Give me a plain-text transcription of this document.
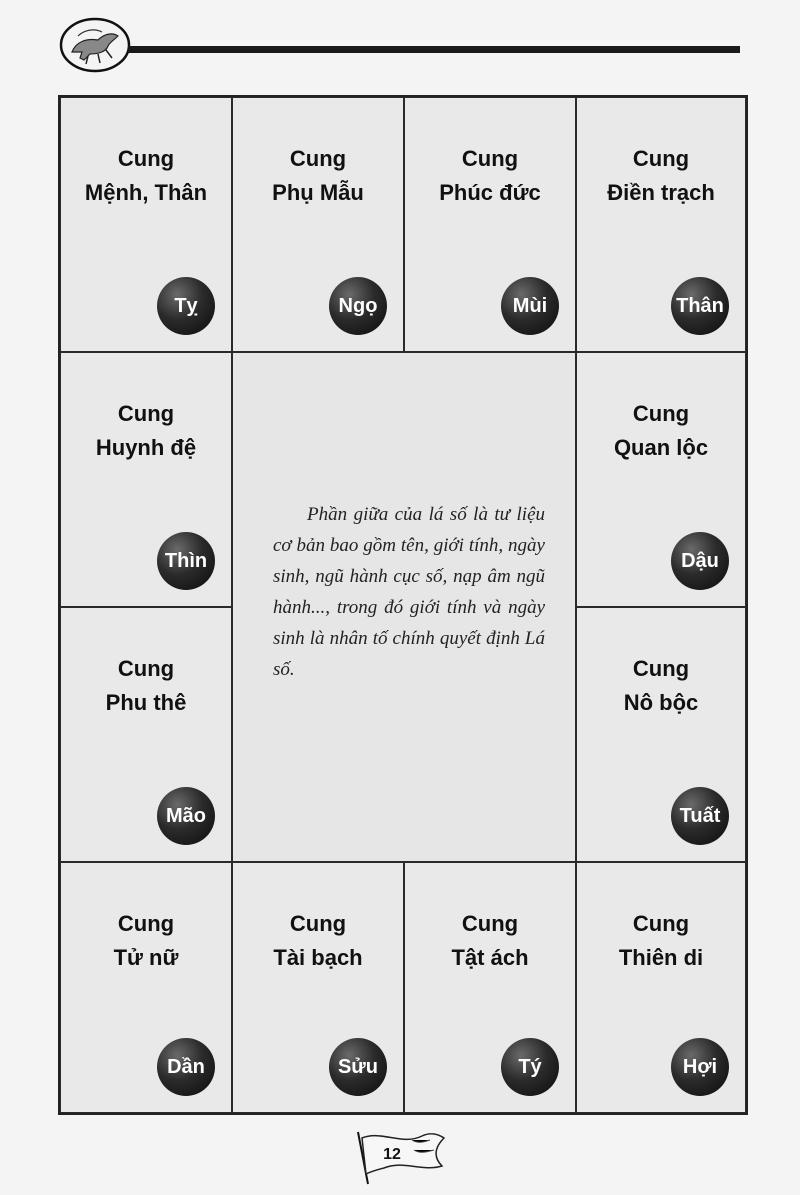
Cung
Mệnh, Thân
Tỵ
Cung
Phụ Mẫu
Ngọ
Cung
Phúc đức
Mùi
Cung
Điền trạch
Thân
Cung
Huynh đệ
Thìn
Cung
Phu thê
Mão
Phần giữa của lá số là tư liệu cơ bản bao gồm tên, giới tính, ngày sinh, ngũ hành cục số, nạp âm ngũ hành..., trong đó giới tính và ngày sinh là nhân tố chính quyết định Lá số.
Cung
Quan lộc
Dậu
Cung
Nô bộc
Tuất
Cung
Tử nữ
Dần
Cung
Tài bạch
Sửu
Cung
Tật ách
Tý
Cung
Thiên di
Hợi
12
